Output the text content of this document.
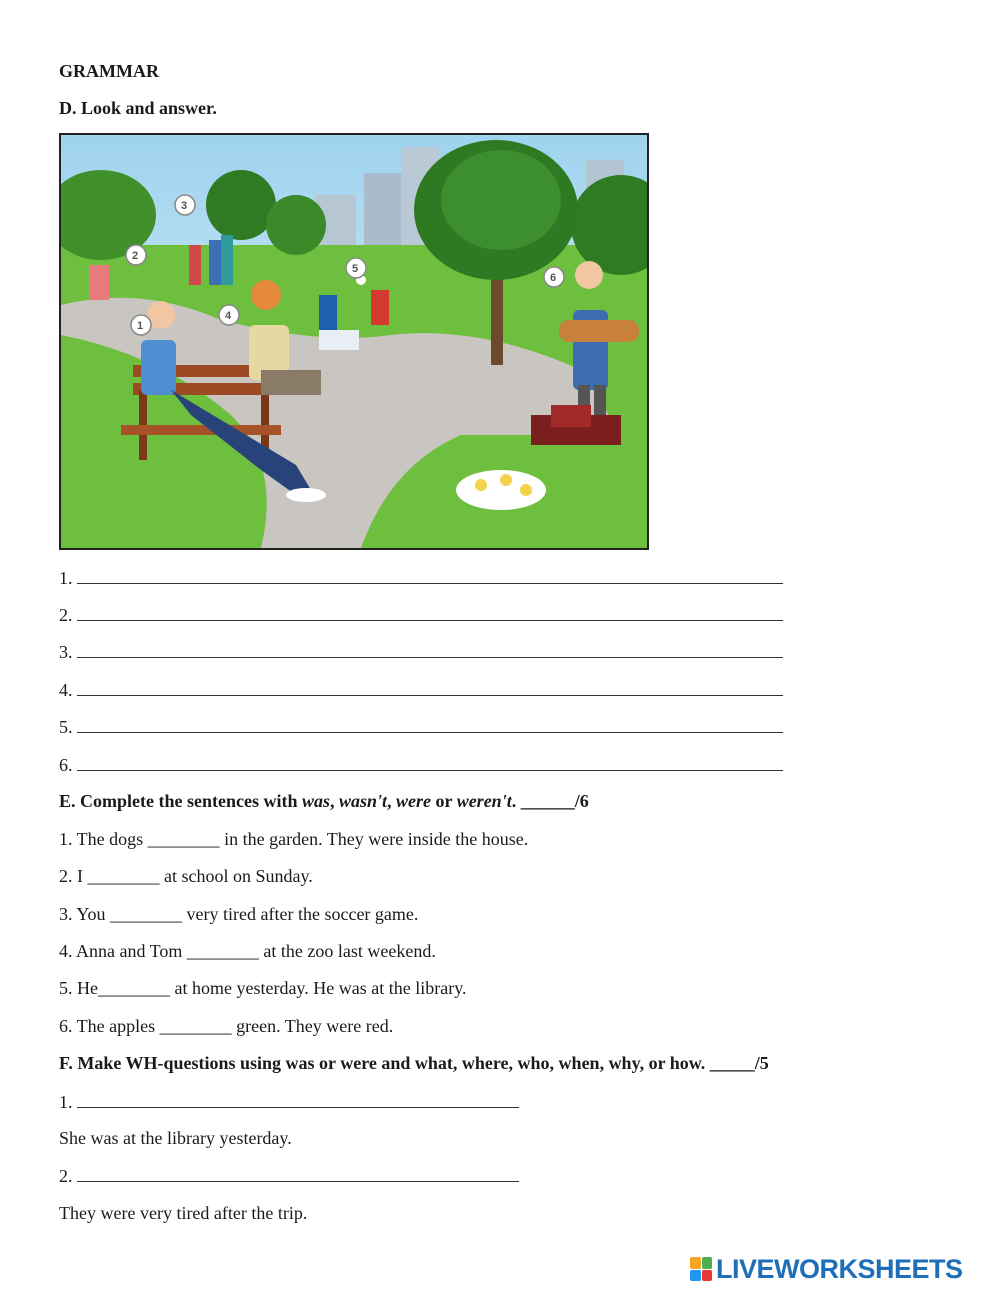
GRAMMAR
D. Look and answer.
1
2
3
4
5
6
1.
2.
3.
4.
5.
6.
E. Complete the sentences with was, wasn't, were or weren't. ______/6
1. The dogs ________ in the garden. They were inside the house.
2. I ________ at school on Sunday.
3. You ________ very tired after the soccer game.
4. Anna and Tom ________ at the zoo last weekend.
5. He________ at home yesterday. He was at the library.
6. The apples ________ green. They were red.
F. Make WH-questions using was or were and what, where, who, when, why, or how. _____/5
1.
She was at the library yesterday.
2.
They were very tired after the trip.
LIVEWORKSHEETS
